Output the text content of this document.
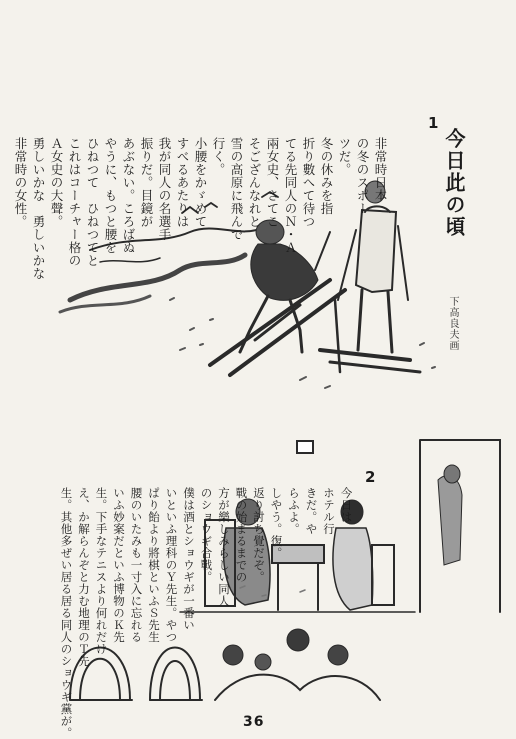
1
今日此の頃
下高良夫画

非常時日本
の冬のスポー
ツだ。
冬の休みを指
折り數へて待つ
てる先同人のＮ・Ａ
兩女史、さてこ
そござんなれと
雪の高原に飛んで
行く。
小腰をかゞめて
すべるあたりは
我が同人の名選手
振りだ。目鏡が
あぶない。ころばぬ
やうに、もつと腰を
ひねつて　ひねつてと
これはコーチャー格の
Ａ女史の大聲。
勇しいかな　勇しいかな
非常時の女性。

2

今日は
ホテル行
きだ。や
らふよ。
しやう。復。
返り討ち覺だぞ。
戰の始まるまでの
方が樂しみらしい同人
のショウギ合戰。
僕は酒とショウギが一番い
いといふ理科のＹ先生。やつ
ぱり飴より將棋といふＳ先生
腰のいたみも一寸入に忘れる
いふ妙案だといふ博物のＫ先
生。下手なテニスより何れだけ
え、か解らんぞと力む地理のＴ先
生。其他多ぜい居る居る同人のショウギ黨が。
	36
